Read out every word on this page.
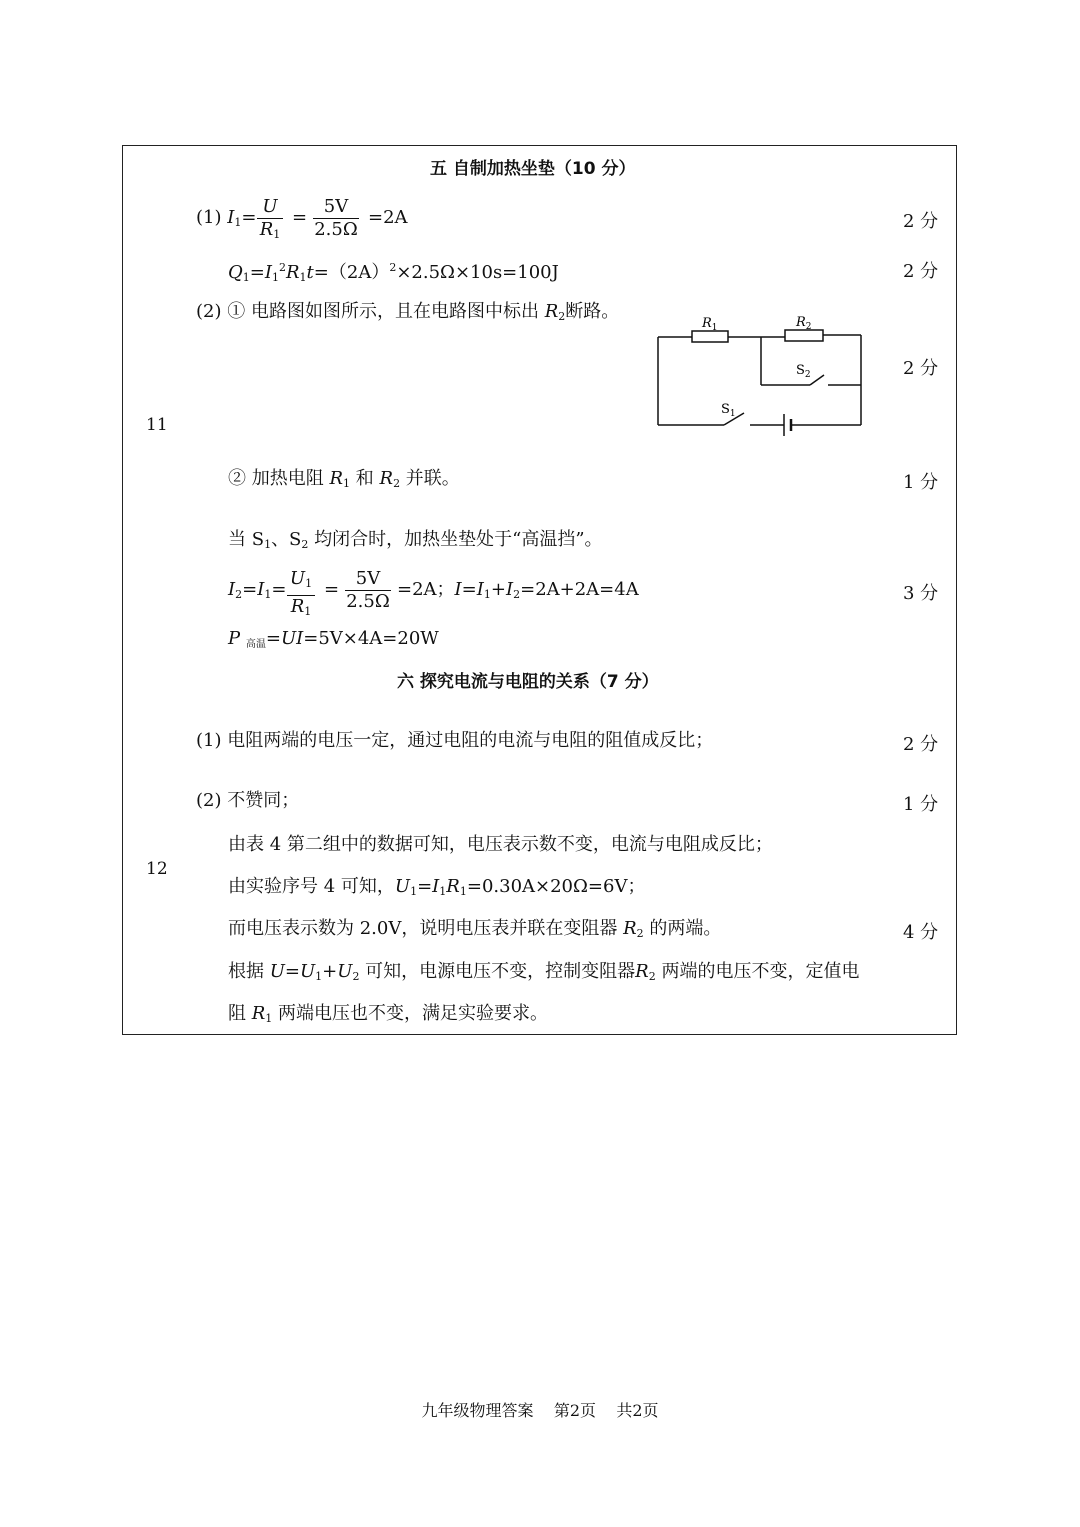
五 自制加热坐垫（10 分）
(1) $I_1=$
U
$R_1$
=
5V
2.5Ω
=2A	2 分
$Q_1=I_1^2R_1t=(2A)^2\times 2.5\Omega\times 10s=100J$	2 分
(2) ① 电路图如图所示，且在电路图中标出 $R_2$断路。
2 分
11
$R_1$	$R_2$
$S_2$
$S_1$
② 加热电阻 $R_1$ 和 $R_2$ 并联。	1 分
当 $S_1$、$S_2$ 均闭合时，加热坐垫处于“高温挡”。
$I_2=I_1=$
$U_1$
$R_1$
=
5V
2.5Ω
=2A；$I=I_1+I_2=2A+2A=4A$	3 分
P $_{高温}$=UI=5V×4A=20W
六 探究电流与电阻的关系（7 分）
(1) 电阻两端的电压一定，通过电阻的电流与电阻的阻值成反比；	2 分
(2) 不赞同；	1 分
12
由表 4 第二组中的数据可知，电压表示数不变，电流与电阻成反比；
由实验序号 4 可知，$U_1=I_1R_1=0.30A\times 20\Omega=6V$；
而电压表示数为 2.0V，说明电压表并联在变阻器 $R_2$ 的两端。	4 分
根据 $U=U_1+U_2$ 可知，电源电压不变，控制变阻器$R_2$ 两端的电压不变，定值电
阻 $R_1$ 两端电压也不变，满足实验要求。
九年级物理答案    第2页    共2页
